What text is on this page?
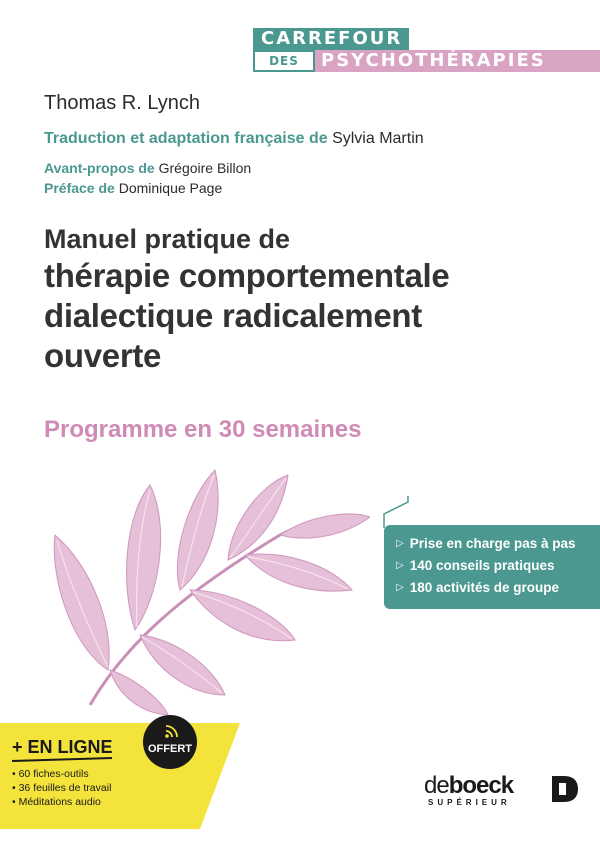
CARREFOUR
DES	PSYCHOTHÉRAPIES
Thomas R. Lynch
Traduction et adaptation française de Sylvia Martin
Avant-propos de Grégoire Billon
Préface de Dominique Page
Manuel pratique de
thérapie comportementale
dialectique radicalement
ouverte
Programme en 30 semaines
▷ Prise en charge pas à pas
▷ 140 conseils pratiques
▷ 180 activités de groupe
+ EN LIGNE
• 60 fiches-outils
• 36 feuilles de travail
• Méditations audio
OFFERT
deboeck
SUPÉRIEUR
